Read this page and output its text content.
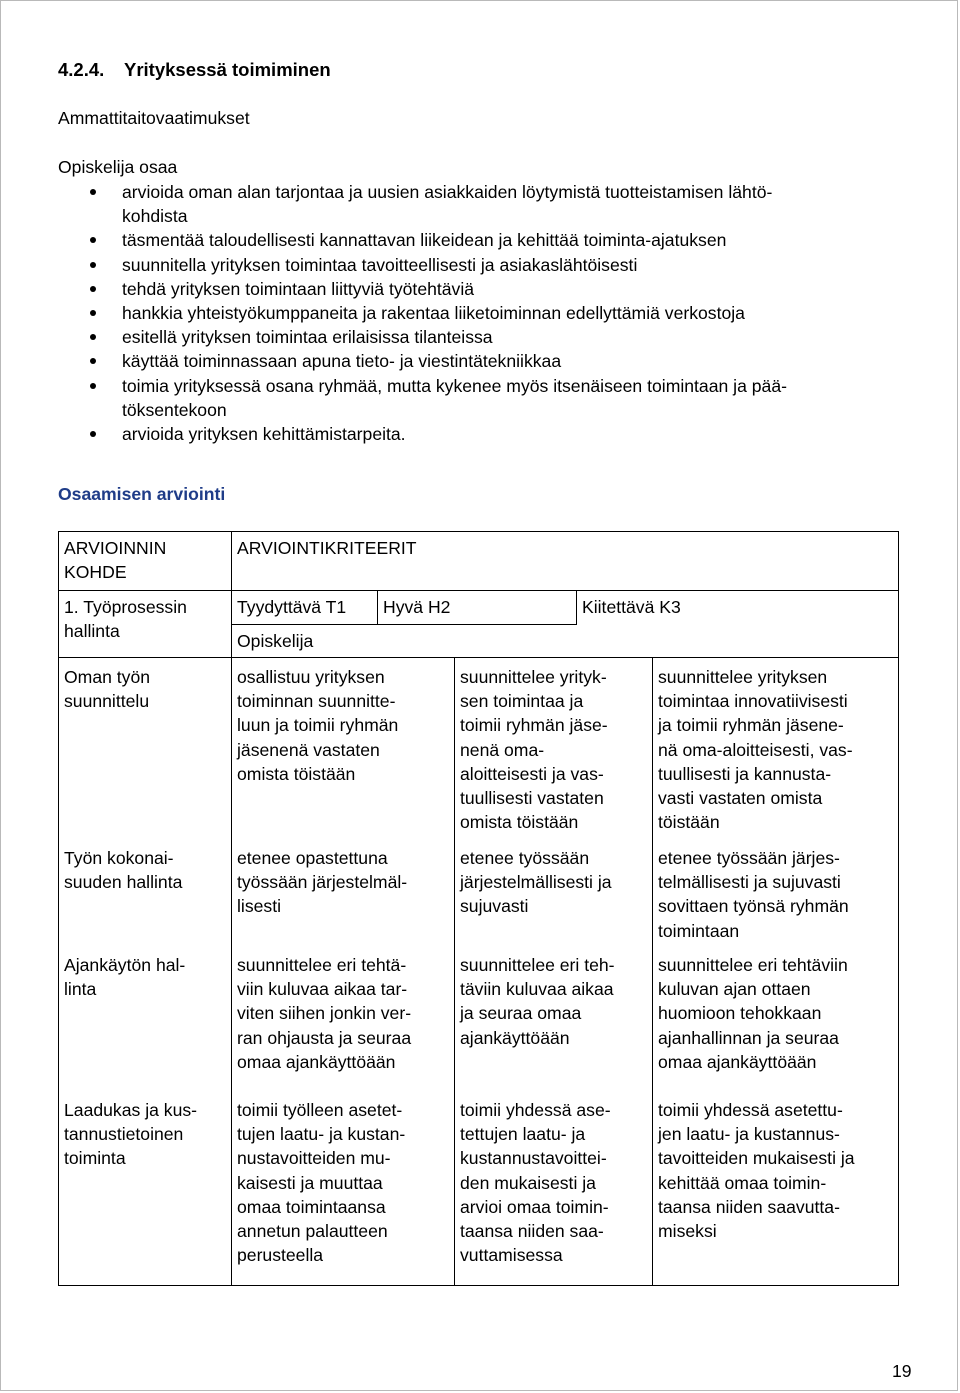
4.2.4. Yrityksessä toimiminen
Ammattitaitovaatimukset
Opiskelija osaa
arvioida oman alan tarjontaa ja uusien asiakkaiden löytymistä tuotteistamisen lähtö-
kohdista
täsmentää taloudellisesti kannattavan liikeidean ja kehittää toiminta-ajatuksen
suunnitella yrityksen toimintaa tavoitteellisesti ja asiakaslähtöisesti
tehdä yrityksen toimintaan liittyviä työtehtäviä
hankkia yhteistyökumppaneita ja rakentaa liiketoiminnan edellyttämiä verkostoja
esitellä yrityksen toimintaa erilaisissa tilanteissa
käyttää toiminnassaan apuna tieto- ja viestintätekniikkaa
toimia yrityksessä osana ryhmää, mutta kykenee myös itsenäiseen toimintaan ja pää-
töksentekoon
arvioida yrityksen kehittämistarpeita.
Osaamisen arviointi
ARVIOINNIN
KOHDE
ARVIOINTIKRITEERIT
1. Työprosessin
hallinta
Tyydyttävä T1 Hyvä H2	Kiitettävä K3
Opiskelija
Oman työn
suunnittelu
osallistuu yrityksen
toiminnan suunnitte-
luun ja toimii ryhmän
jäsenenä vastaten
omista töistään
suunnittelee yrityk-
sen toimintaa ja
toimii ryhmän jäse-
nenä oma-
aloitteisesti ja vas-
tuullisesti vastaten
omista töistään
suunnittelee yrityksen
toimintaa innovatiivisesti
ja toimii ryhmän jäsene-
nä oma-aloitteisesti, vas-
tuullisesti ja kannusta-
vasti vastaten omista
töistään
Työn kokonai-
suuden hallinta
etenee opastettuna
työssään järjestelmäl-
lisesti
etenee työssään
järjestelmällisesti ja
sujuvasti
etenee työssään järjes-
telmällisesti ja sujuvasti
sovittaen työnsä ryhmän
toimintaan
Ajankäytön hal-
linta
suunnittelee eri tehtä-
viin kuluvaa aikaa tar-
viten siihen jonkin ver-
ran ohjausta ja seuraa
omaa ajankäyttöään
suunnittelee eri teh-
täviin kuluvaa aikaa
ja seuraa omaa
ajankäyttöään
suunnittelee eri tehtäviin
kuluvan ajan ottaen
huomioon tehokkaan
ajanhallinnan ja seuraa
omaa ajankäyttöään
Laadukas ja kus-
tannustietoinen
toiminta
toimii työlleen asetet-
tujen laatu- ja kustan-
nustavoitteiden mu-
kaisesti ja muuttaa
omaa toimintaansa
annetun palautteen
perusteella
toimii yhdessä ase-
tettujen laatu- ja
kustannustavoittei-
den mukaisesti ja
arvioi omaa toimin-
taansa niiden saa-
vuttamisessa
toimii yhdessä asetettu-
jen laatu- ja kustannus-
tavoitteiden mukaisesti ja
kehittää omaa toimin-
taansa niiden saavutta-
miseksi
19
